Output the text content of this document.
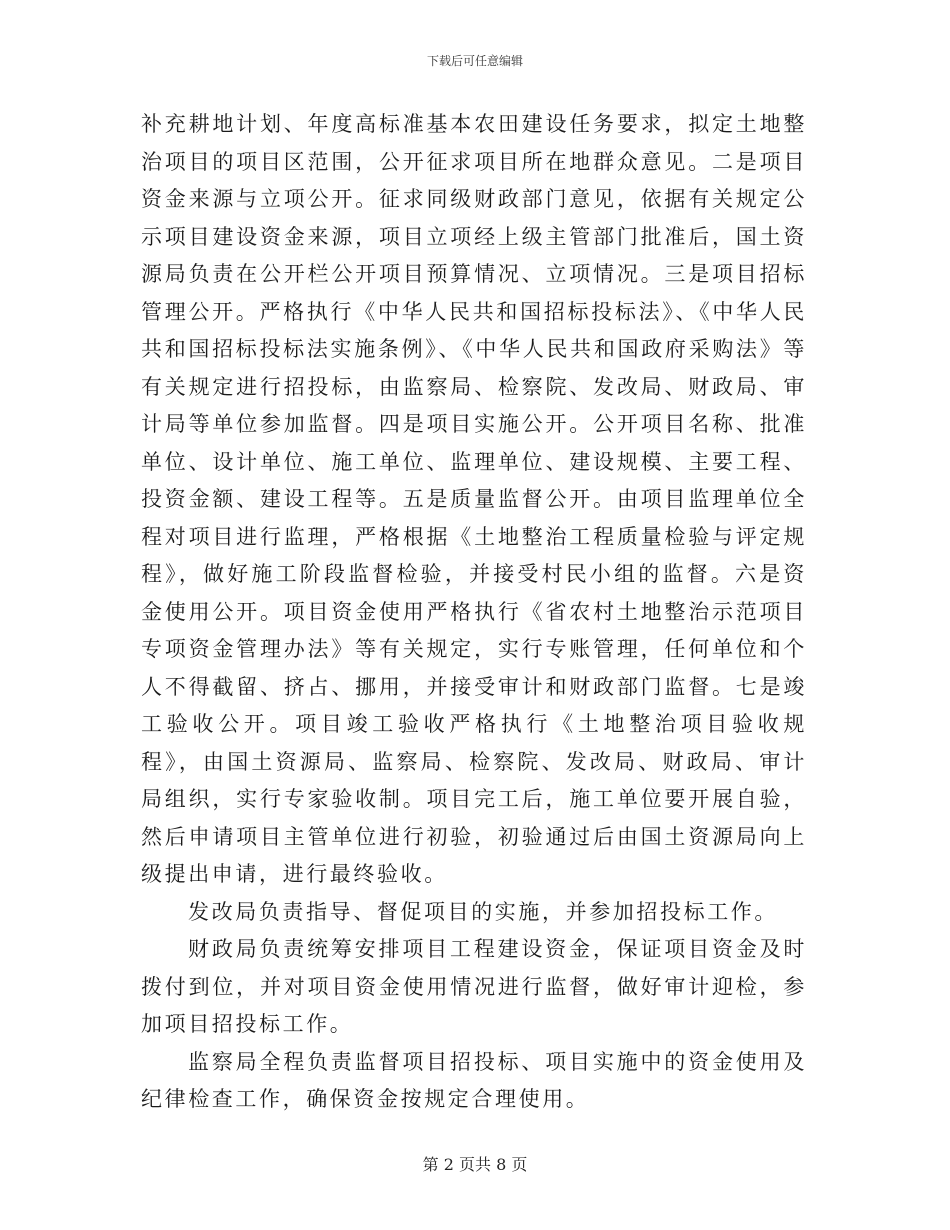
下载后可任意编辑

补充耕地计划、年度高标准基本农田建设任务要求，拟定土地整治项目的项目区范围，公开征求项目所在地群众意见。二是项目资金来源与立项公开。征求同级财政部门意见，依据有关规定公示项目建设资金来源，项目立项经上级主管部门批准后，国土资源局负责在公开栏公开项目预算情况、立项情况。三是项目招标管理公开。严格执行《中华人民共和国招标投标法》、《中华人民共和国招标投标法实施条例》、《中华人民共和国政府采购法》等有关规定进行招投标，由监察局、检察院、发改局、财政局、审计局等单位参加监督。四是项目实施公开。公开项目名称、批准单位、设计单位、施工单位、监理单位、建设规模、主要工程、投资金额、建设工程等。五是质量监督公开。由项目监理单位全程对项目进行监理，严格根据《土地整治工程质量检验与评定规程》，做好施工阶段监督检验，并接受村民小组的监督。六是资金使用公开。项目资金使用严格执行《省农村土地整治示范项目专项资金管理办法》等有关规定，实行专账管理，任何单位和个人不得截留、挤占、挪用，并接受审计和财政部门监督。七是竣工验收公开。项目竣工验收严格执行《土地整治项目验收规程》，由国土资源局、监察局、检察院、发改局、财政局、审计局组织，实行专家验收制。项目完工后，施工单位要开展自验，然后申请项目主管单位进行初验，初验通过后由国土资源局向上级提出申请，进行最终验收。

发改局负责指导、督促项目的实施，并参加招投标工作。

财政局负责统筹安排项目工程建设资金，保证项目资金及时拨付到位，并对项目资金使用情况进行监督，做好审计迎检，参加项目招投标工作。

监察局全程负责监督项目招投标、项目实施中的资金使用及纪律检查工作，确保资金按规定合理使用。

第 2 页共 8 页
